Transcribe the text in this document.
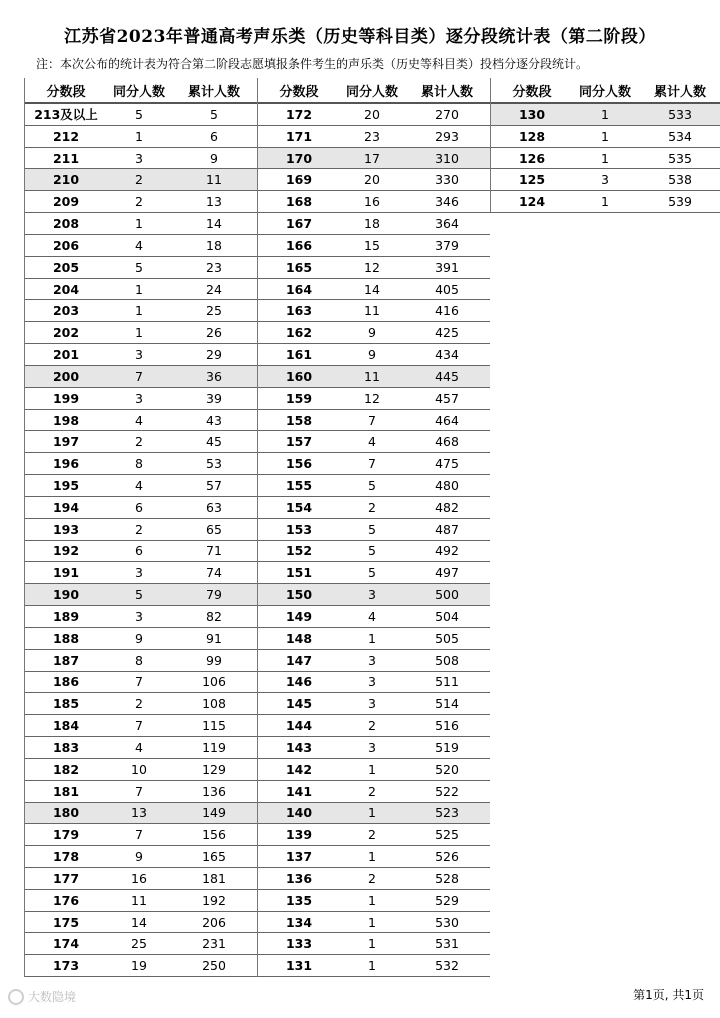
江苏省2023年普通高考声乐类（历史等科目类）逐分段统计表（第二阶段）
注：本次公布的统计表为符合第二阶段志愿填报条件考生的声乐类（历史等科目类）投档分逐分段统计。
分数段	同分人数	累计人数
213及以上	5	5
212	1	6
211	3	9
210	2	11
209	2	13
208	1	14
206	4	18
205	5	23
204	1	24
203	1	25
202	1	26
201	3	29
200	7	36
199	3	39
198	4	43
197	2	45
196	8	53
195	4	57
194	6	63
193	2	65
192	6	71
191	3	74
190	5	79
189	3	82
188	9	91
187	8	99
186	7	106
185	2	108
184	7	115
183	4	119
182	10	129
181	7	136
180	13	149
179	7	156
178	9	165
177	16	181
176	11	192
175	14	206
174	25	231
173	19	250
分数段	同分人数	累计人数
172	20	270
171	23	293
170	17	310
169	20	330
168	16	346
167	18	364
166	15	379
165	12	391
164	14	405
163	11	416
162	9	425
161	9	434
160	11	445
159	12	457
158	7	464
157	4	468
156	7	475
155	5	480
154	2	482
153	5	487
152	5	492
151	5	497
150	3	500
149	4	504
148	1	505
147	3	508
146	3	511
145	3	514
144	2	516
143	3	519
142	1	520
141	2	522
140	1	523
139	2	525
137	1	526
136	2	528
135	1	529
134	1	530
133	1	531
131	1	532
分数段	同分人数	累计人数
130	1	533
128	1	534
126	1	535
125	3	538
124	1	539
大数隐境	第1页, 共1页
